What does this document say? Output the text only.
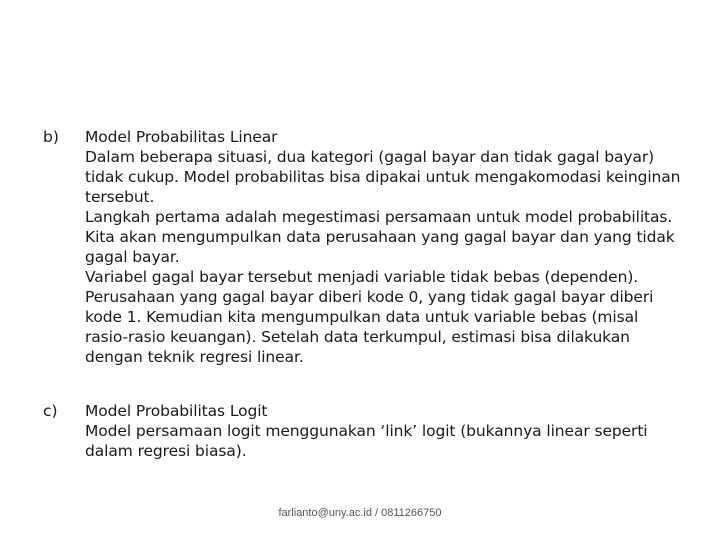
b) Model Probabilitas Linear

Dalam beberapa situasi, dua kategori (gagal bayar dan tidak gagal bayar) tidak cukup. Model probabilitas bisa dipakai untuk mengakomodasi keinginan tersebut.

Langkah pertama adalah megestimasi persamaan untuk model probabilitas. Kita akan mengumpulkan data perusahaan yang gagal bayar dan yang tidak gagal bayar.

Variabel gagal bayar tersebut menjadi variable tidak bebas (dependen). Perusahaan yang gagal bayar diberi kode 0, yang tidak gagal bayar diberi kode 1. Kemudian kita mengumpulkan data untuk variable bebas (misal rasio-rasio keuangan). Setelah data terkumpul, estimasi bisa dilakukan dengan teknik regresi linear.

c) Model Probabilitas Logit

Model persamaan logit menggunakan ‘link’ logit (bukannya linear seperti dalam regresi biasa).

farlianto@uny.ac.id / 0811266750
